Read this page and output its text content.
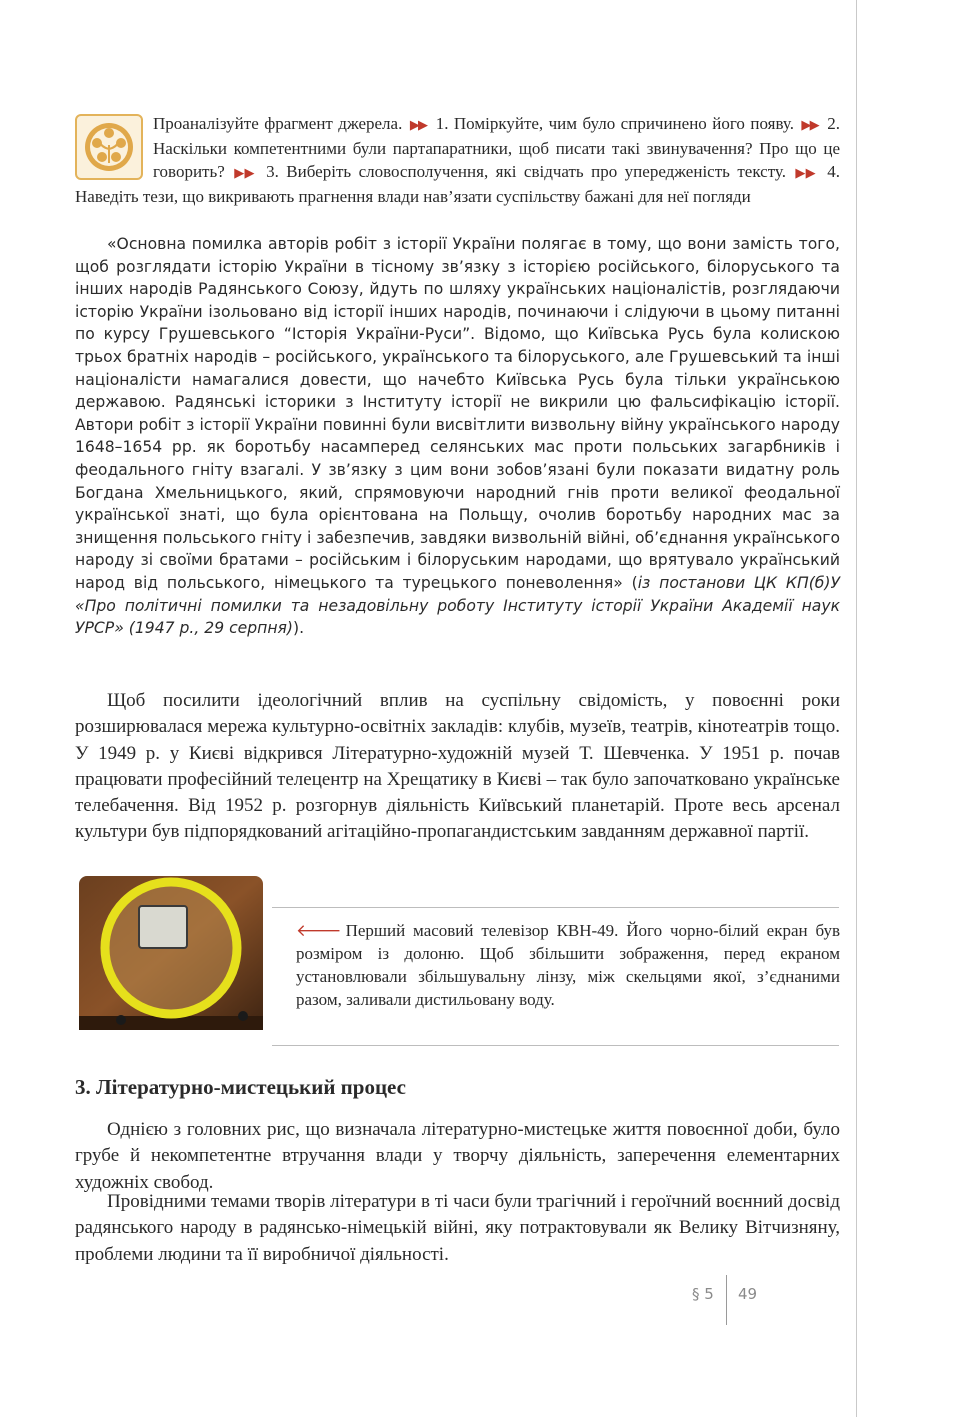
Проаналізуйте фрагмент джерела. ▶▶ 1. Поміркуйте, чим було спричинено його появу. ▶▶ 2. Наскільки компетентними були партапаратники, щоб писати такі звинувачення? Про що це говорить? ▶▶ 3. Виберіть словосполучення, які свідчать про упередженість тексту. ▶▶ 4. Наведіть тези, що викривають прагнення влади нав’язати суспільству бажані для неї погляди
«Основна помилка авторів робіт з історії України полягає в тому, що вони замість того, щоб розглядати історію України в тісному зв’язку з історією російського, білоруського та інших народів Радянського Союзу, йдуть по шляху українських націоналістів, розглядаючи історію України ізольовано від історії інших народів, починаючи і слідуючи в цьому питанні по курсу Грушевського “Історія України-Руси”. Відомо, що Київська Русь була колискою трьох братніх народів – російського, українського та білоруського, але Грушевський та інші націоналісти намагалися довести, що начебто Київська Русь була тільки українською державою. Радянські історики з Інституту історії не викрили цю фальсифікацію історії. Автори робіт з історії України повинні були висвітлити визвольну війну українського народу 1648–1654 рр. як боротьбу насамперед селянських мас проти польських загарбників і феодального гніту взагалі. У зв’язку з цим вони зобов’язані були показати видатну роль Богдана Хмельницького, який, спрямовуючи народний гнів проти великої феодальної української знаті, що була орієнтована на Польщу, очолив боротьбу народних мас за знищення польського гніту і забезпечив, завдяки визвольній війні, об’єднання українського народу зі своїми братами – російським і білоруським народами, що врятувало український народ від польського, німецького та турецького поневолення» (із постанови ЦК КП(б)У «Про політичні помилки та незадовільну роботу Інституту історії України Академії наук УРСР» (1947 р., 29 серпня)).
Щоб посилити ідеологічний вплив на суспільну свідомість, у повоєнні роки розширювалася мережа культурно-освітніх закладів: клубів, музеїв, театрів, кінотеатрів тощо. У 1949 р. у Києві відкрився Літературно-художній музей Т. Шевченка. У 1951 р. почав працювати професійний телецентр на Хрещатику в Києві – так було започатковано українське телебачення. Від 1952 р. розгорнув діяльність Київський планетарій. Проте весь арсенал культури був підпорядкований агітаційно-пропагандистським завданням державної партії.
🡐 Перший масовий телевізор КВН-49. Його чорно-білий екран був розміром із долоню. Щоб збільшити зображення, перед екраном установлювали збільшувальну лінзу, між скельцями якої, з’єднаними разом, заливали дистильовану воду.
3. Літературно-мистецький процес
Однією з головних рис, що визначала літературно-мистецьке життя повоєнної доби, було грубе й некомпетентне втручання влади у творчу діяльність, заперечення елементарних художніх свобод.
Провідними темами творів літератури в ті часи були трагічний і героїчний воєнний досвід радянського народу в радянсько-німецькій війні, яку потрактовували як Велику Вітчизняну, проблеми людини та її виробничої діяльності.
§ 5 49
